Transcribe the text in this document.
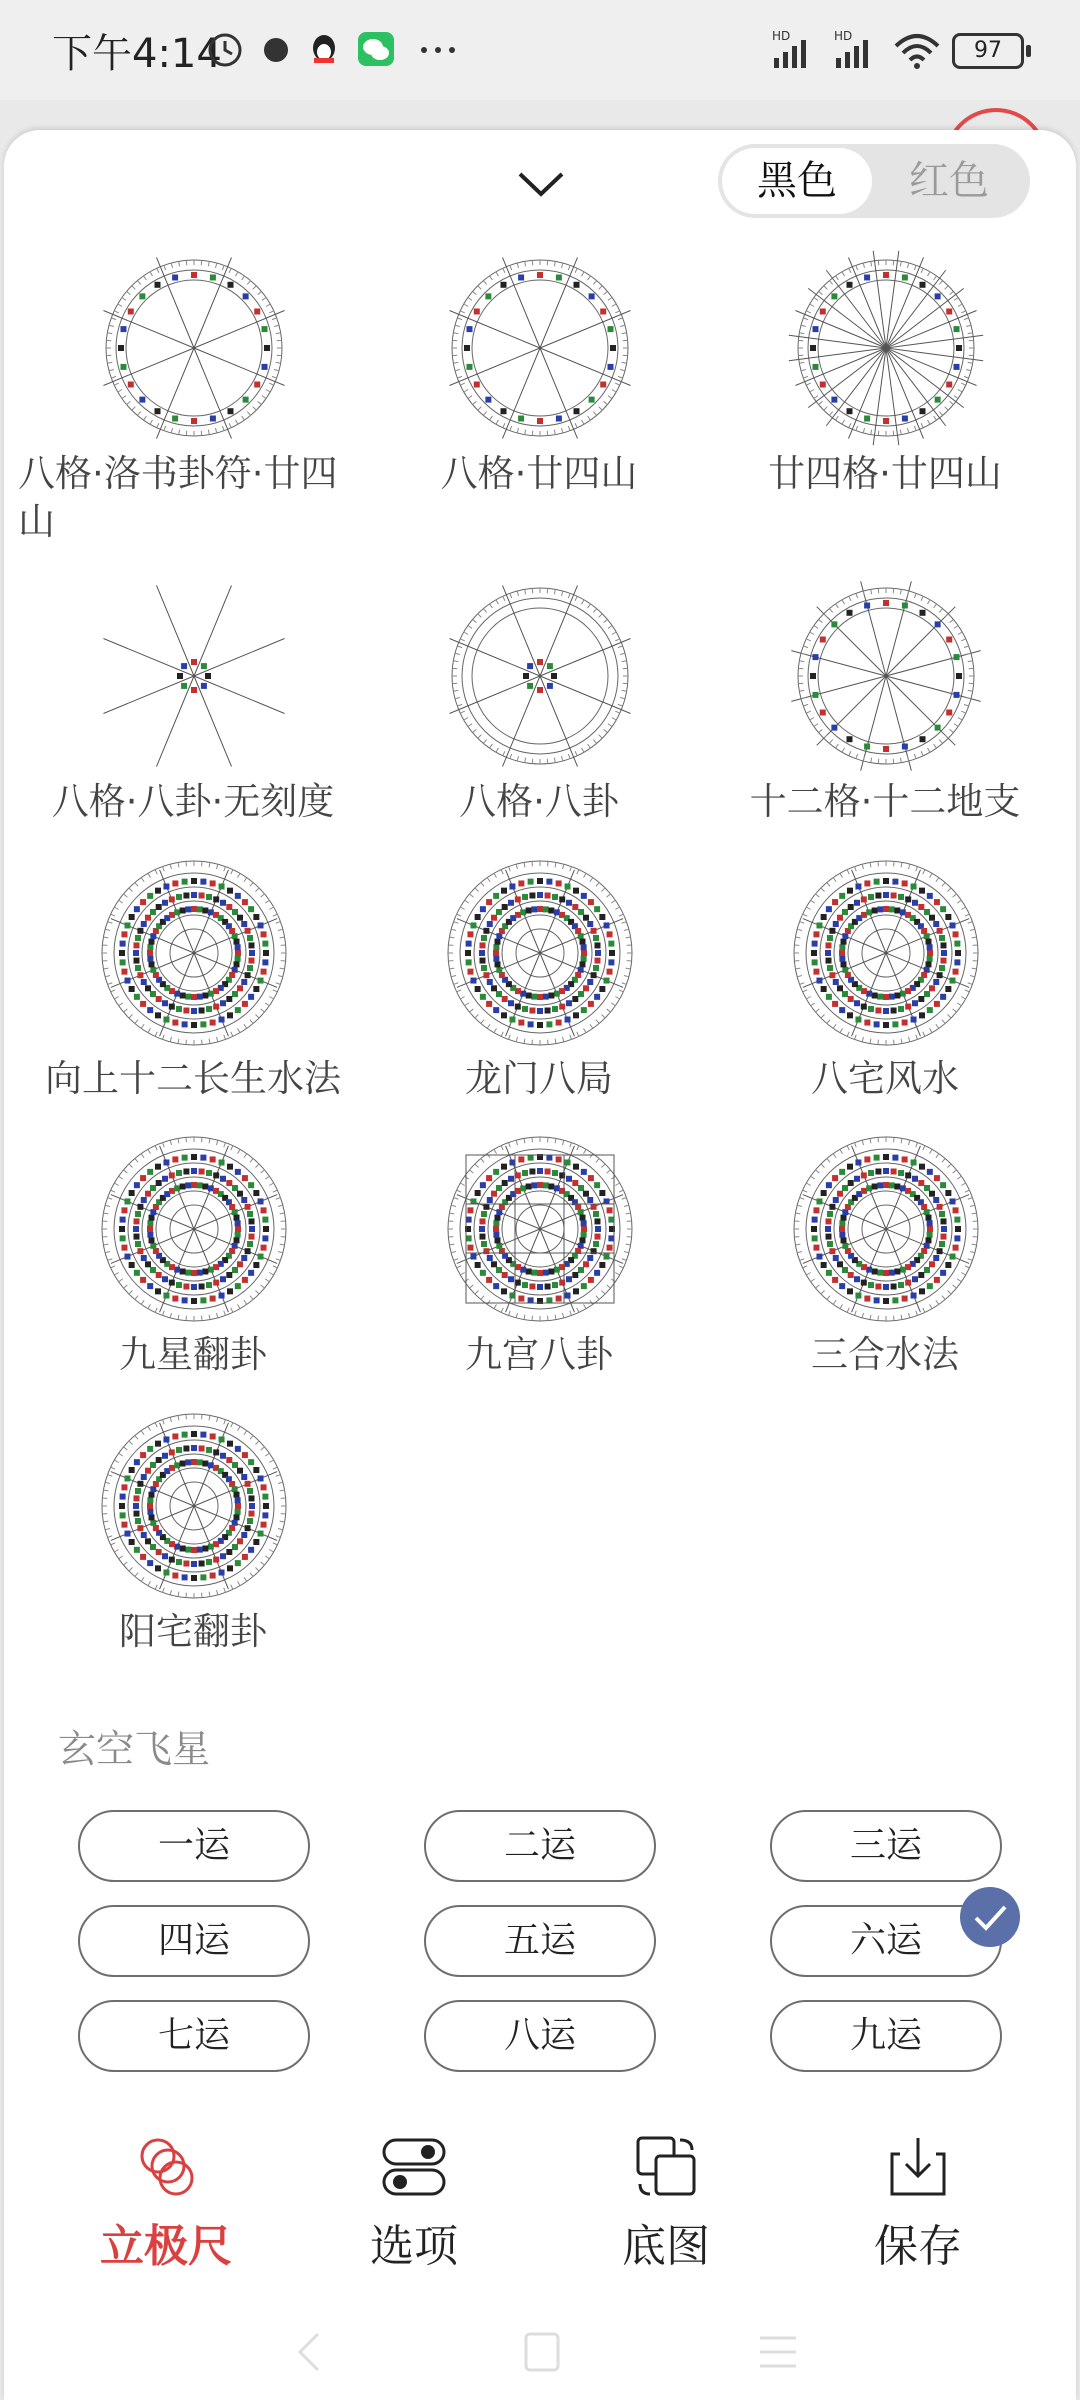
下午4:14	HD	HD
97
黑色	红色
八格·洛书卦符·廿四山
八格·廿四山	廿四格·廿四山
八格·八卦·无刻度	八格·八卦	十二格·十二地支
向上十二长生水法	龙门八局	八宅风水
九星翻卦	九宫八卦	三合水法
阳宅翻卦
玄空飞星
一运	二运	三运
四运	五运	六运
七运	八运	九运
立极尺	选项	底图	保存
